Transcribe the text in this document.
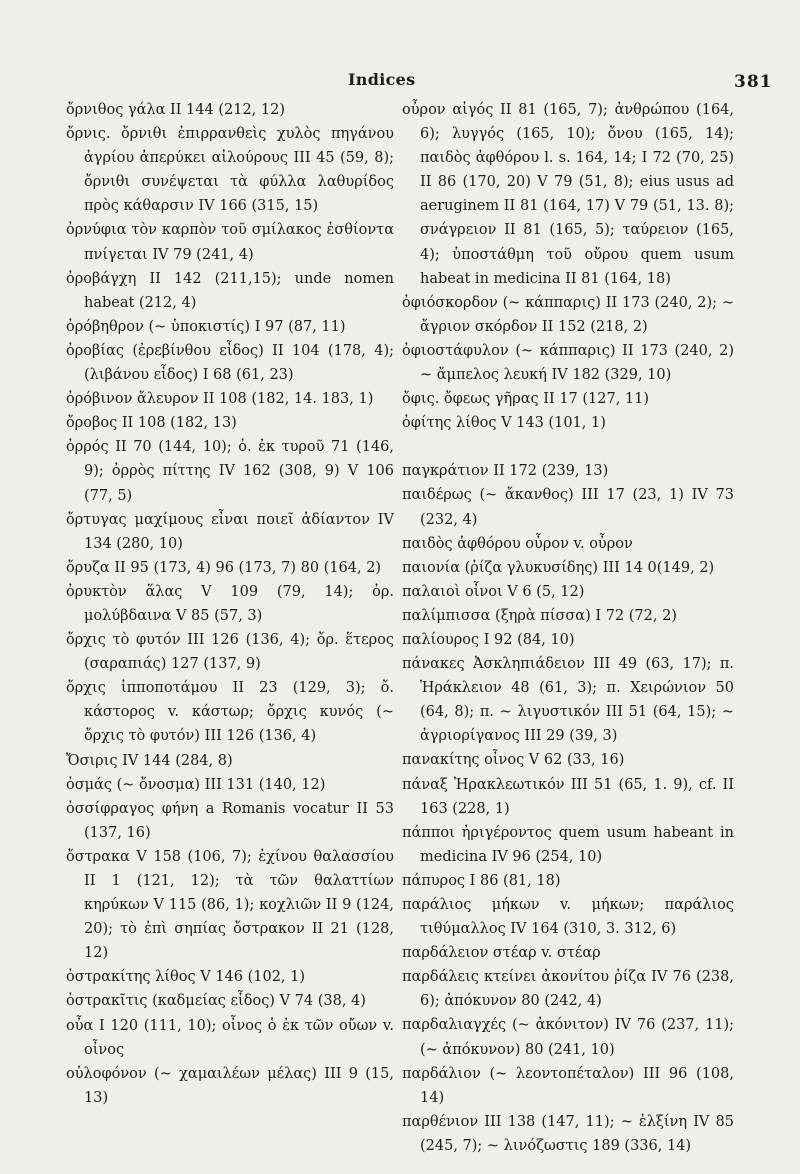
Indices	381

ὄρνιθος γάλα II 144 (212, 12)

ὄρνις. ὄρνιθι ἐπιρρανθεὶς χυλὸς πηγάνου ἀγρίου ἀπερύκει αἰλούρους III 45 (59, 8); ὄρνιθι συνέψεται τὰ φύλλα λαθυρίδος πρὸς κάθαρσιν IV 166 (315, 15)

ὀρνύφια τὸν καρπὸν τοῦ σμίλακος ἐσθίοντα πνίγεται IV 79 (241, 4)

ὀροβάγχη II 142 (211,15); unde nomen habeat (212, 4)

ὀρόβηθρον (~ ὑποκιστίς) I 97 (87, 11)

ὀροβίας (ἐρεβίνθου εἶδος) II 104 (178, 4); (λιβάνου εἶδος) I 68 (61, 23)

ὀρόβινον ἄλευρον II 108 (182, 14. 183, 1)

ὄροβος II 108 (182, 13)

ὀρρός II 70 (144, 10); ὀ. ἐκ τυροῦ 71 (146, 9); ὀρρὸς πίττης IV 162 (308, 9) V 106 (77, 5)

ὄρτυγας μαχίμους εἶναι ποιεῖ ἀδίαντον IV 134 (280, 10)

ὄρυζα II 95 (173, 4) 96 (173, 7) 80 (164, 2)

ὀρυκτὸν ἅλας V 109 (79, 14); ὀρ. μολύβδαινα V 85 (57, 3)

ὄρχις τὸ φυτόν III 126 (136, 4); ὄρ. ἕτερος (σαραπιάς) 127 (137, 9)

ὄρχις ἱπποποτάμου II 23 (129, 3); ὄ. κάστορος v. κάστωρ; ὄρχις κυνός (~ ὄρχις τὸ φυτόν) III 126 (136, 4)

Ὄσιρις IV 144 (284, 8)

ὀσμάς (~ ὄνοσμα) III 131 (140, 12)

ὀσσίφραγος φήνη a Romanis vocatur II 53 (137, 16)

ὄστρακα V 158 (106, 7); ἐχίνου θαλασσίου II 1 (121, 12); τὰ τῶν θαλαττίων κηρύκων V 115 (86, 1); κοχλιῶν II 9 (124, 20); τὸ ἐπὶ σηπίας ὄστρακον II 21 (128, 12)

ὀστρακίτης λίθος V 146 (102, 1)

ὀστρακῖτις (καδμείας εἶδος) V 74 (38, 4)

οὖα I 120 (111, 10); οἶνος ὁ ἐκ τῶν οὔων v. οἶνος

οὐλοφόνον (~ χαμαιλέων μέλας) III 9 (15, 13)

οὖρον αἰγός II 81 (165, 7); ἀνθρώπου (164, 6); λυγγός (165, 10); ὄνου (165, 14); παιδὸς ἀφθόρου l. s. 164, 14; I 72 (70, 25) II 86 (170, 20) V 79 (51, 8); eius usus ad aeruginem II 81 (164, 17) V 79 (51, 13. 8); σνάγρειον II 81 (165, 5); ταύρειον (165, 4); ὑποστάθμη τοῦ οὔρου quem usum habeat in medicina II 81 (164, 18)

ὀφιόσκορδον (~ κάππαρις) II 173 (240, 2); ~ ἄγριον σκόρδον II 152 (218, 2)

ὀφιοστάφυλον (~ κάππαρις) II 173 (240, 2) ~ ἄμπελος λευκή IV 182 (329, 10)

ὄφις. ὄφεως γῆρας II 17 (127, 11)

ὀφίτης λίθος V 143 (101, 1)

παγκράτιον II 172 (239, 13)

παιδέρως (~ ἄκανθος) III 17 (23, 1) IV 73 (232, 4)

παιδὸς ἀφθόρου οὖρον v. οὖρον

παιονία (ῥίζα γλυκυσίδης) III 14 0(149, 2)

παλαιοὶ οἶνοι V 6 (5, 12)

παλίμπισσα (ξηρὰ πίσσα) I 72 (72, 2)

παλίουρος I 92 (84, 10)

πάνακες Ἀσκληπιάδειον III 49 (63, 17); π. Ἡράκλειον 48 (61, 3); π. Χειρώνιον 50 (64, 8); π. ~ λιγυστικόν III 51 (64, 15); ~ ἀγριορίγανος III 29 (39, 3)

πανακίτης οἶνος V 62 (33, 16)

πάναξ Ἡρακλεωτικόν III 51 (65, 1. 9), cf. II 163 (228, 1)

πάππoι ἠριγέροντος quem usum habeant in medicina IV 96 (254, 10)

πάπυρος I 86 (81, 18)

παράλιος μήκων v. μήκων; παράλιος τιθύμαλλος IV 164 (310, 3. 312, 6)

παρδάλειον στέαρ v. στέαρ

παρδάλεις κτείνει ἀκονίτου ῥίζα IV 76 (238, 6); ἀπόκυνον 80 (242, 4)

παρδαλιαγχές (~ ἀκόνιτον) IV 76 (237, 11); (~ ἀπόκυνον) 80 (241, 10)

παρδάλιον (~ λεοντοπέταλον) III 96 (108, 14)

παρθένιον III 138 (147, 11); ~ ἑλξίνη IV 85 (245, 7); ~ λινόζωστις 189 (336, 14)
